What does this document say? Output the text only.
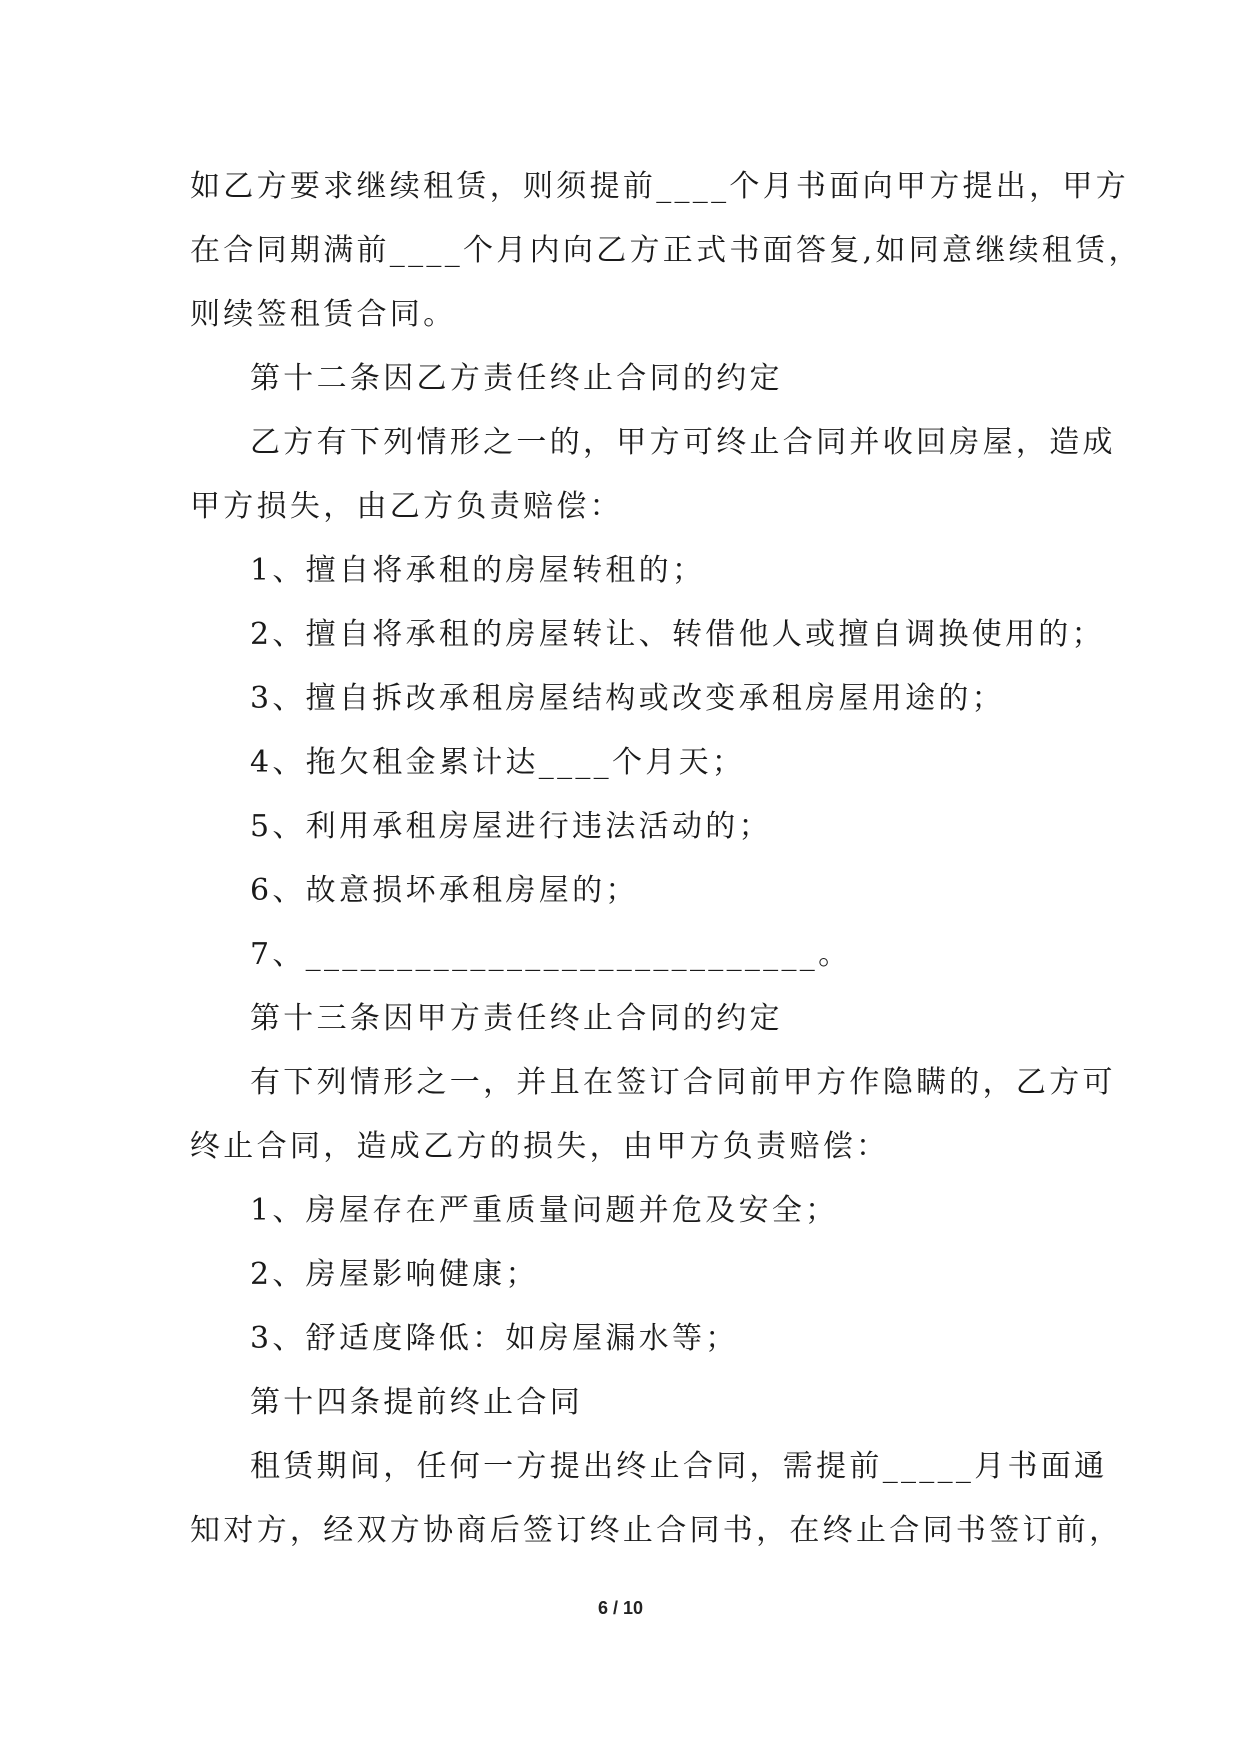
如乙方要求继续租赁，则须提前____个月书面向甲方提出，甲方
在合同期满前____个月内向乙方正式书面答复,如同意继续租赁，
则续签租赁合同。
第十二条因乙方责任终止合同的约定
乙方有下列情形之一的，甲方可终止合同并收回房屋，造成
甲方损失，由乙方负责赔偿：
1、擅自将承租的房屋转租的；
2、擅自将承租的房屋转让、转借他人或擅自调换使用的；
3、擅自拆改承租房屋结构或改变承租房屋用途的；
4、拖欠租金累计达____个月天；
5、利用承租房屋进行违法活动的；
6、故意损坏承租房屋的；
7、____________________________。
第十三条因甲方责任终止合同的约定
有下列情形之一，并且在签订合同前甲方作隐瞒的，乙方可
终止合同，造成乙方的损失，由甲方负责赔偿：
1、房屋存在严重质量问题并危及安全；
2、房屋影响健康；
3、舒适度降低：如房屋漏水等；
第十四条提前终止合同
租赁期间，任何一方提出终止合同，需提前_____月书面通
知对方，经双方协商后签订终止合同书，在终止合同书签订前，
6 / 10
